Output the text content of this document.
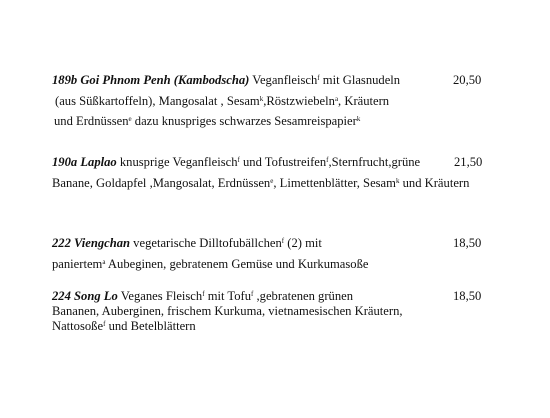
189b Goi Phnom Penh (Kambodscha) Veganfleisch$^f$ mit Glasnudeln
(aus Süßkartoffeln), Mangosalat , Sesam$^k$,Röstzwiebeln$^a$, Kräutern
und Erdnüssen$^e$ dazu knuspriges schwarzes Sesamreispapier$^k$
20,50
190a Laplao knusprige Veganfleisch$^f$ und Tofustreifen$^f$,Sternfrucht,grüne
Banane, Goldapfel ,Mangosalat, Erdnüssen$^e$, Limettenblätter, Sesam$^k$ und Kräutern
21,50
222 Viengchan vegetarische Dilltofubällchen$^f$ (2) mit
paniertem$^a$ Aubeginen, gebratenem Gemüse und Kurkumasoße
18,50
224 Song Lo Veganes Fleisch$^f$ mit Tofu$^f$ ,gebratenen grünen
Bananen, Auberginen, frischem Kurkuma, vietnamesischen Kräutern,
Nattosoße$^f$ und Betelblättern
18,50
